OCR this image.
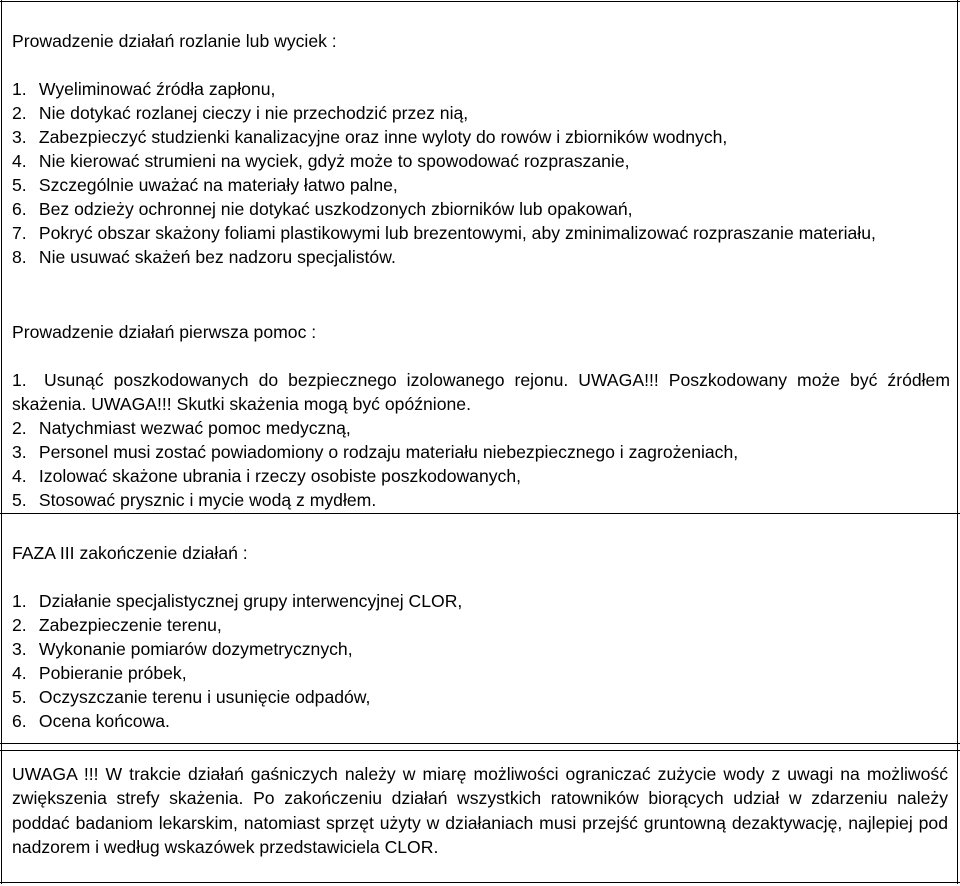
Prowadzenie działań rozlanie lub wyciek :
1. Wyeliminować źródła zapłonu,
2. Nie dotykać rozlanej cieczy i nie przechodzić przez nią,
3. Zabezpieczyć studzienki kanalizacyjne oraz inne wyloty do rowów i zbiorników wodnych,
4. Nie kierować strumieni na wyciek, gdyż może to spowodować rozpraszanie,
5. Szczególnie uważać na materiały łatwo palne,
6. Bez odzieży ochronnej nie dotykać uszkodzonych zbiorników lub opakowań,
7. Pokryć obszar skażony foliami plastikowymi lub brezentowymi, aby zminimalizować rozpraszanie materiału,
8. Nie usuwać skażeń bez nadzoru specjalistów.
Prowadzenie działań pierwsza pomoc :
1. Usunąć poszkodowanych do bezpiecznego izolowanego rejonu. UWAGA!!! Poszkodowany może być źródłem skażenia. UWAGA!!! Skutki skażenia mogą być opóźnione.
2. Natychmiast wezwać pomoc medyczną,
3. Personel musi zostać powiadomiony o rodzaju materiału niebezpiecznego i zagrożeniach,
4. Izolować skażone ubrania i rzeczy osobiste poszkodowanych,
5. Stosować prysznic i mycie wodą z mydłem.
FAZA III zakończenie działań :
1. Działanie specjalistycznej grupy interwencyjnej CLOR,
2. Zabezpieczenie terenu,
3. Wykonanie pomiarów dozymetrycznych,
4. Pobieranie próbek,
5. Oczyszczanie terenu i usunięcie odpadów,
6. Ocena końcowa.
UWAGA !!! W trakcie działań gaśniczych należy w miarę możliwości ograniczać zużycie wody z uwagi na możliwość zwiększenia strefy skażenia. Po zakończeniu działań wszystkich ratowników biorących udział w zdarzeniu należy poddać badaniom lekarskim, natomiast sprzęt użyty w działaniach musi przejść gruntowną dezaktywację, najlepiej pod nadzorem i według wskazówek przedstawiciela CLOR.
